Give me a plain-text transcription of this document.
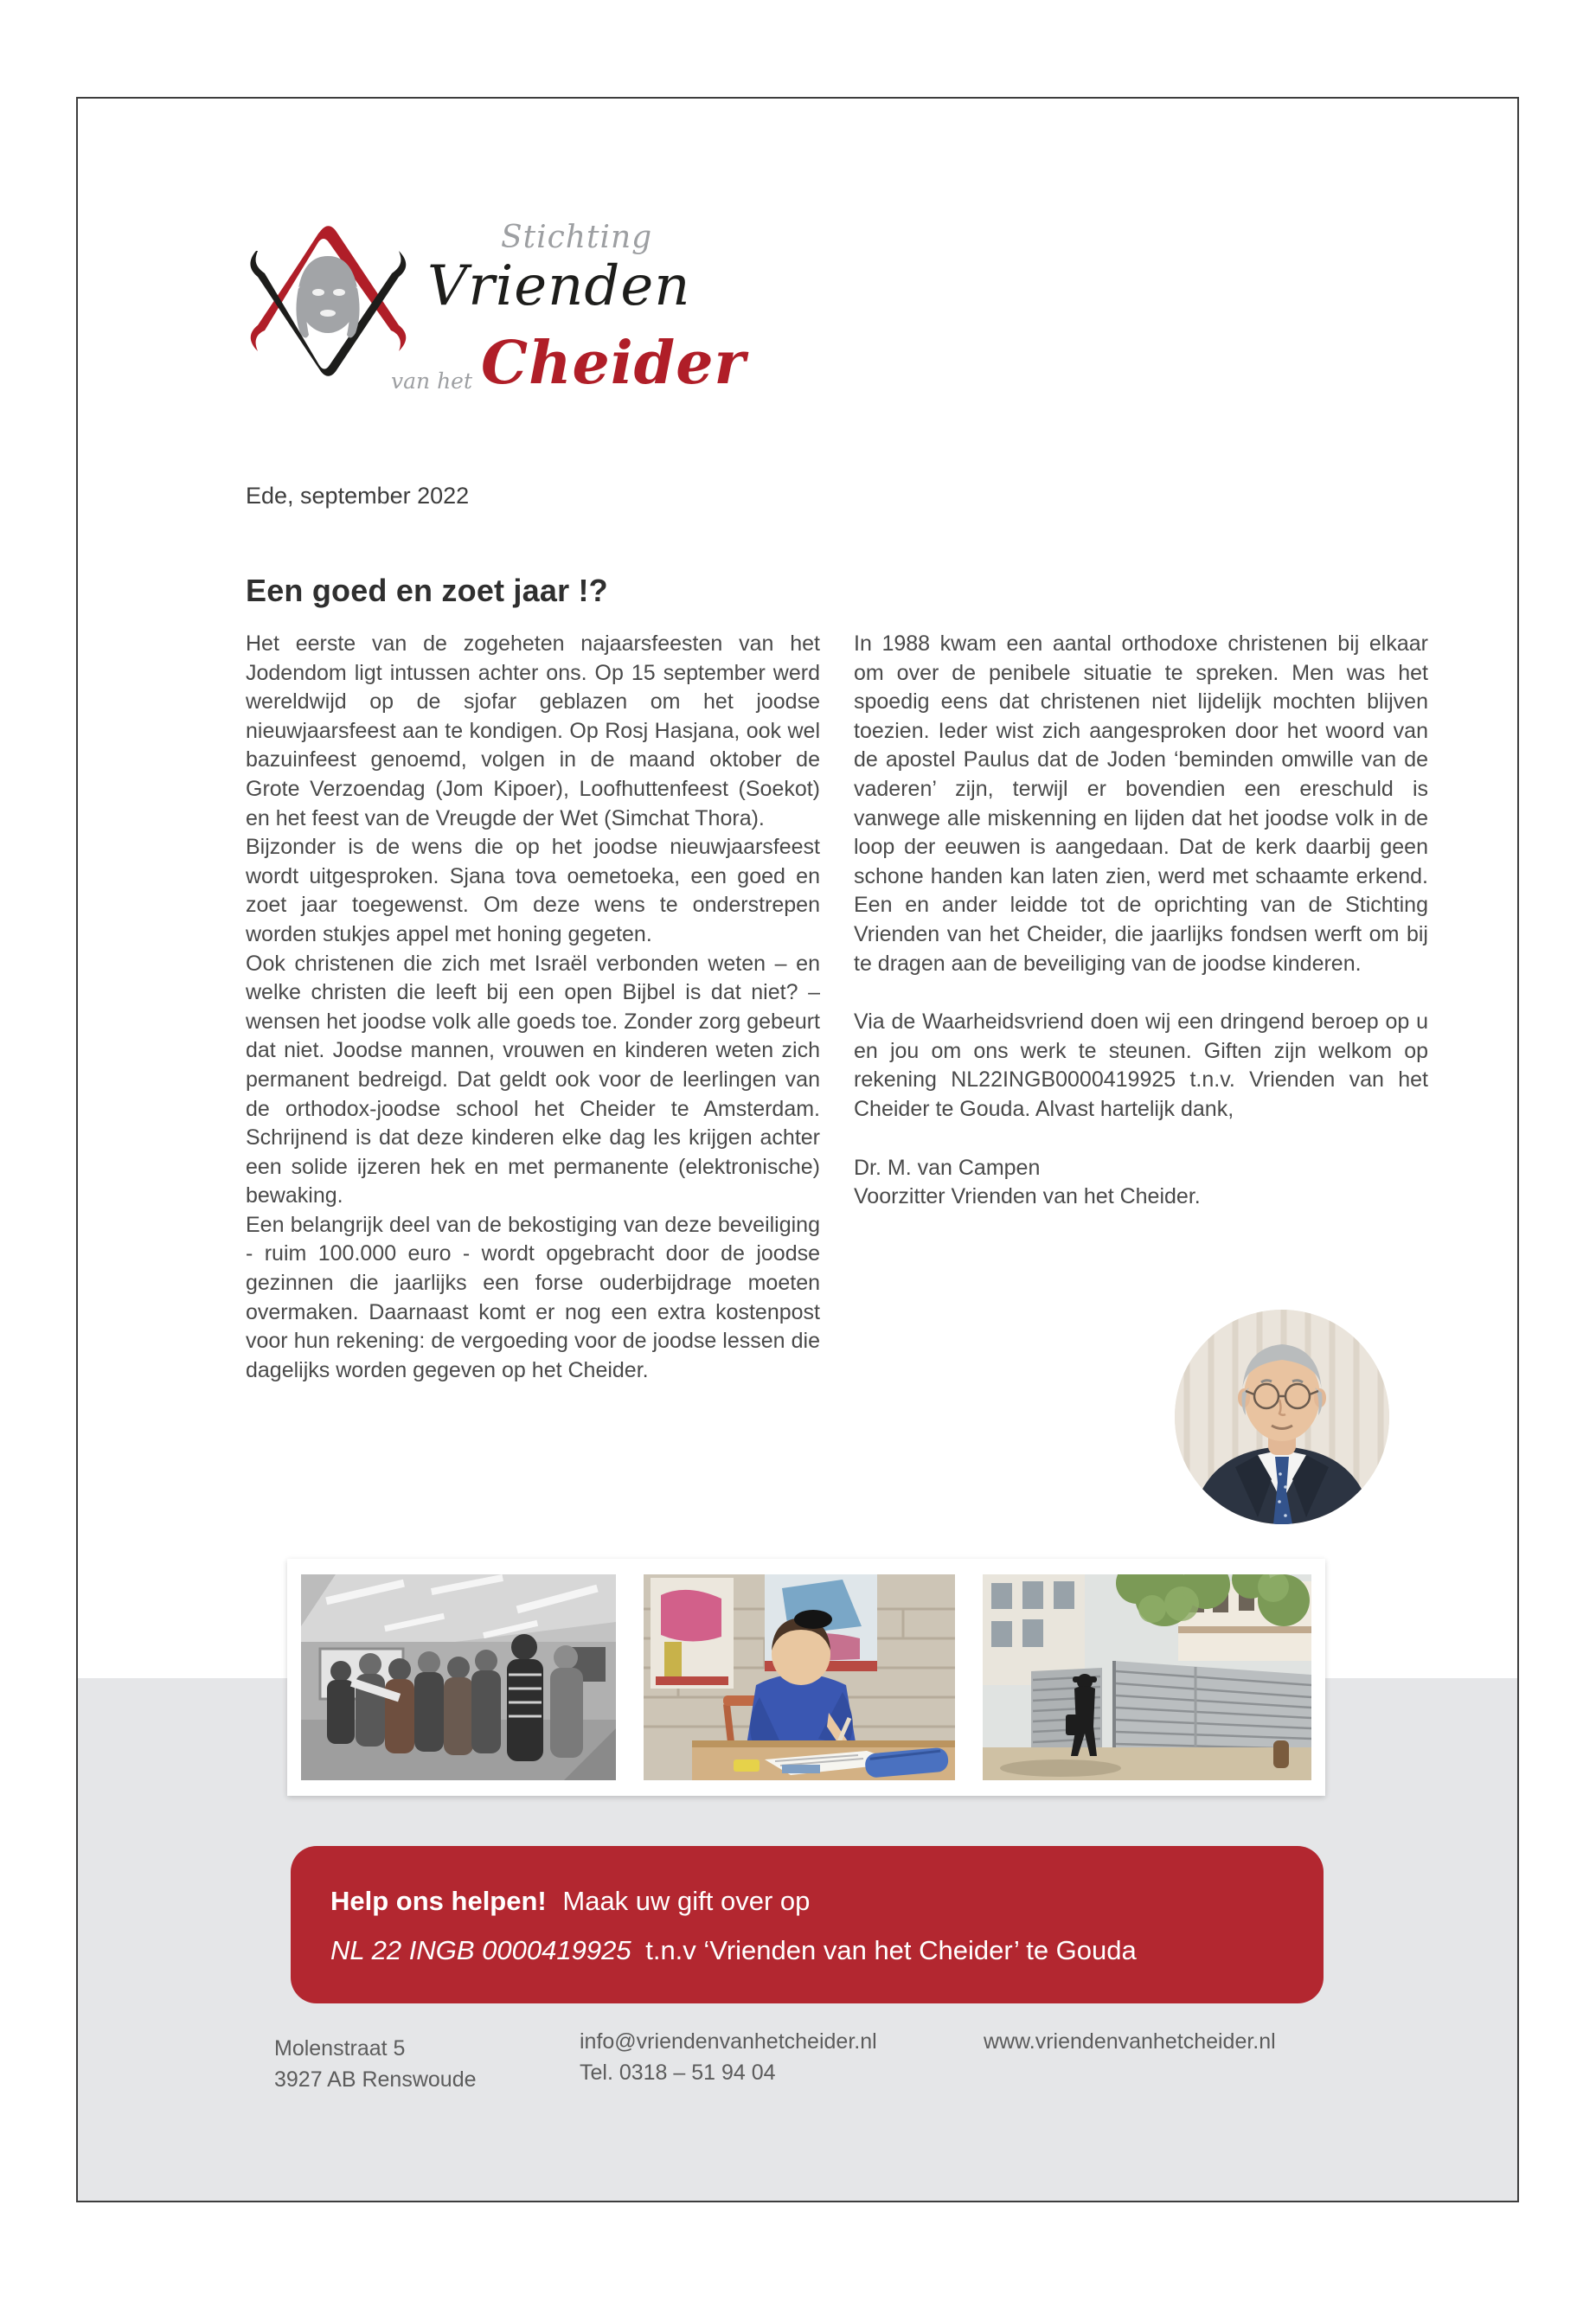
Stichting
Vrienden
van het Cheider
Ede, september 2022
Een goed en zoet jaar !?

Het eerste van de zogeheten najaarsfeesten van het Jodendom ligt intussen achter ons. Op 15 september werd wereldwijd op de sjofar geblazen om het joodse nieuwjaarsfeest aan te kondigen. Op Rosj Hasjana, ook wel bazuinfeest genoemd, volgen in de maand oktober de Grote Verzoendag (Jom Kipoer), Loofhuttenfeest (Soekot) en het feest van de Vreugde der Wet (Simchat Thora).

Bijzonder is de wens die op het joodse nieuwjaarsfeest wordt uitgesproken. Sjana tova oemetoeka, een goed en zoet jaar toegewenst. Om deze wens te onderstrepen worden stukjes appel met honing gegeten.

Ook christenen die zich met Israël verbonden weten – en welke christen die leeft bij een open Bijbel is dat niet? – wensen het joodse volk alle goeds toe. Zonder zorg gebeurt dat niet. Joodse mannen, vrouwen en kinderen weten zich permanent bedreigd. Dat geldt ook voor de leerlingen van de orthodox-joodse school het Cheider te Amsterdam. Schrijnend is dat deze kinderen elke dag les krijgen achter een solide ijzeren hek en met permanente (elektronische) bewaking.

Een belangrijk deel van de bekostiging van deze beveiliging - ruim 100.000 euro - wordt opgebracht door de joodse gezinnen die jaarlijks een forse ouderbijdrage moeten overmaken. Daarnaast komt er nog een extra kostenpost voor hun rekening: de vergoeding voor de joodse lessen die dagelijks worden gegeven op het Cheider.

In 1988 kwam een aantal orthodoxe christenen bij elkaar om over de penibele situatie te spreken. Men was het spoedig eens dat christenen niet lijdelijk mochten blijven toezien. Ieder wist zich aangesproken door het woord van de apostel Paulus dat de Joden ‘beminden omwille van de vaderen’ zijn, terwijl er bovendien een ereschuld is vanwege alle miskenning en lijden dat het joodse volk in de loop der eeuwen is aangedaan. Dat de kerk daarbij geen schone handen kan laten zien, werd met schaamte erkend. Een en ander leidde tot de oprichting van de Stichting Vrienden van het Cheider, die jaarlijks fondsen werft om bij te dragen aan de beveiliging van de joodse kinderen.

Via de Waarheidsvriend doen wij een dringend beroep op u en jou om ons werk te steunen. Giften zijn welkom op rekening NL22INGB0000419925 t.n.v. Vrienden van het Cheider te Gouda. Alvast hartelijk dank,

Dr. M. van Campen
Voorzitter Vrienden van het Cheider.
Help ons helpen! Maak uw gift over op
NL 22 INGB 0000419925 t.n.v ‘Vrienden van het Cheider’ te Gouda
Molenstraat 5
3927 AB Renswoude
info@vriendenvanhetcheider.nl
Tel. 0318 – 51 94 04
www.vriendenvanhetcheider.nl
